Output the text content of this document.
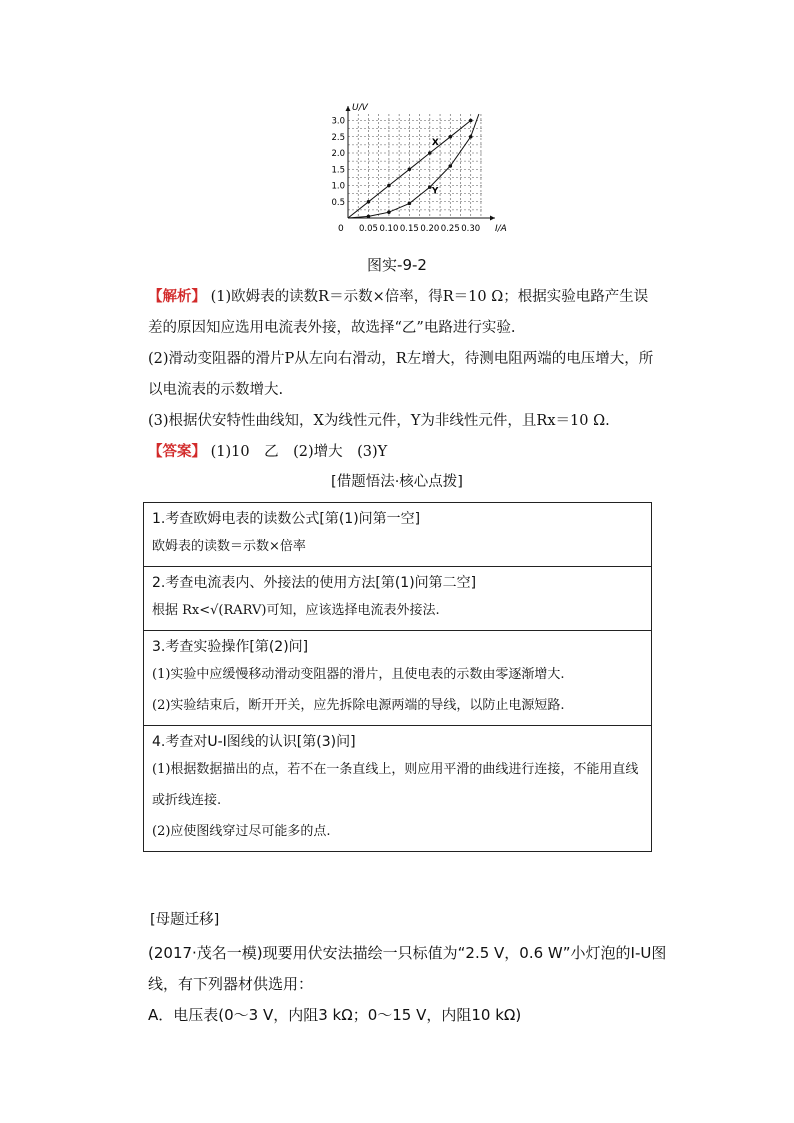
I/A
U/V
0 0.05 0.10 0.15 0.20 0.25 0.30
0.5
1.0
1.5
2.0
2.5
3.0
X
Y
图实-9-2
【解析】 (1)欧姆表的读数R＝示数×倍率，得R＝10 Ω；根据实验电路产生误差的原因知应选用电流表外接，故选择“乙”电路进行实验.
(2)滑动变阻器的滑片P从左向右滑动，R左增大，待测电阻两端的电压增大，所以电流表的示数增大.
(3)根据伏安特性曲线知，X为线性元件，Y为非线性元件，且Rx＝10 Ω.
【答案】 (1)10　乙　(2)增大　(3)Y
[借题悟法·核心点拨]
1.考查欧姆电表的读数公式[第(1)问第一空]
欧姆表的读数＝示数×倍率
2.考查电流表内、外接法的使用方法[第(1)问第二空]
根据 Rx<√(RARV)可知，应该选择电流表外接法.
3.考查实验操作[第(2)问]
(1)实验中应缓慢移动滑动变阻器的滑片，且使电表的示数由零逐渐增大.
(2)实验结束后，断开开关，应先拆除电源两端的导线，以防止电源短路.
4.考查对U-I图线的认识[第(3)问]
(1)根据数据描出的点，若不在一条直线上，则应用平滑的曲线进行连接，不能用直线或折线连接.
(2)应使图线穿过尽可能多的点.
[母题迁移]
(2017·茂名一模)现要用伏安法描绘一只标值为“2.5 V，0.6 W”小灯泡的I-U图线，有下列器材供选用：
A．电压表(0～3 V，内阻3 kΩ；0～15 V，内阻10 kΩ)
